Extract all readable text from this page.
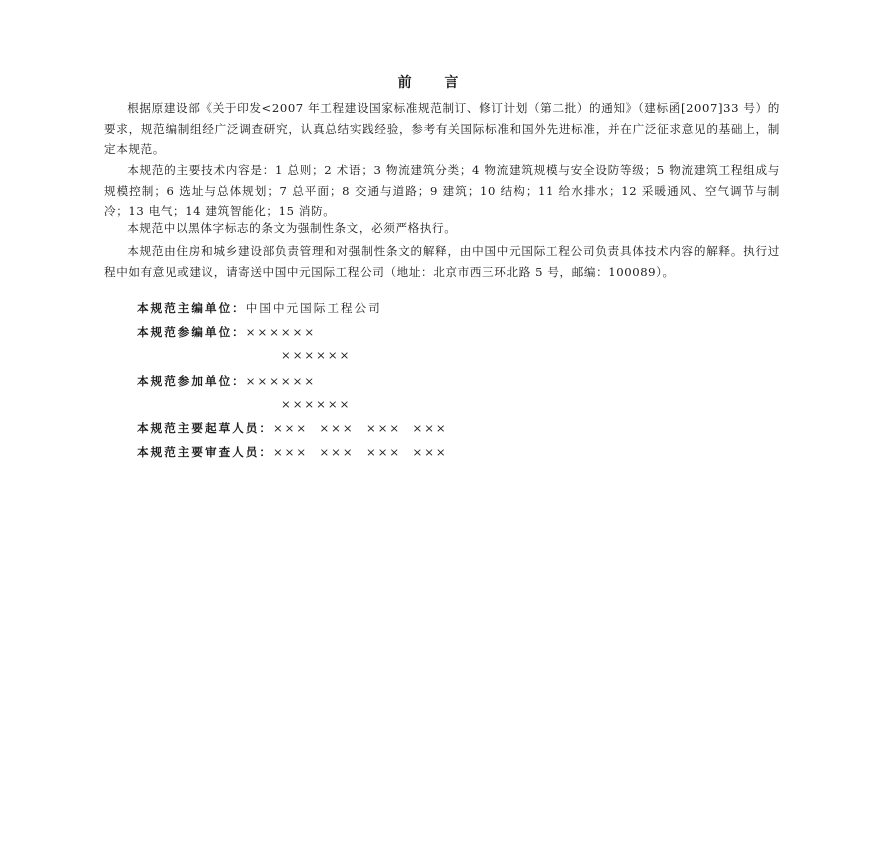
前 言

根据原建设部《关于印发<2007 年工程建设国家标准规范制订、修订计划（第二批）的通知》（建标函[2007]33 号）的要求，规范编制组经广泛调查研究，认真总结实践经验，参考有关国际标准和国外先进标准，并在广泛征求意见的基础上，制定本规范。

本规范的主要技术内容是：1 总则；2 术语；3 物流建筑分类；4 物流建筑规模与安全设防等级；5 物流建筑工程组成与规模控制；6 选址与总体规划；7 总平面；8 交通与道路；9 建筑；10 结构；11 给水排水；12 采暖通风、空气调节与制冷；13 电气；14 建筑智能化；15 消防。

本规范中以黑体字标志的条文为强制性条文，必须严格执行。

本规范由住房和城乡建设部负责管理和对强制性条文的解释，由中国中元国际工程公司负责具体技术内容的解释。执行过程中如有意见或建议，请寄送中国中元国际工程公司（地址：北京市西三环北路 5 号，邮编：100089）。

本规范主编单位：中国中元国际工程公司
本规范参编单位：××××××
××××××
本规范参加单位：××××××
××××××
本规范主要起草人员：×××  ×××  ×××  ×××
本规范主要审查人员：×××  ×××  ×××  ×××
